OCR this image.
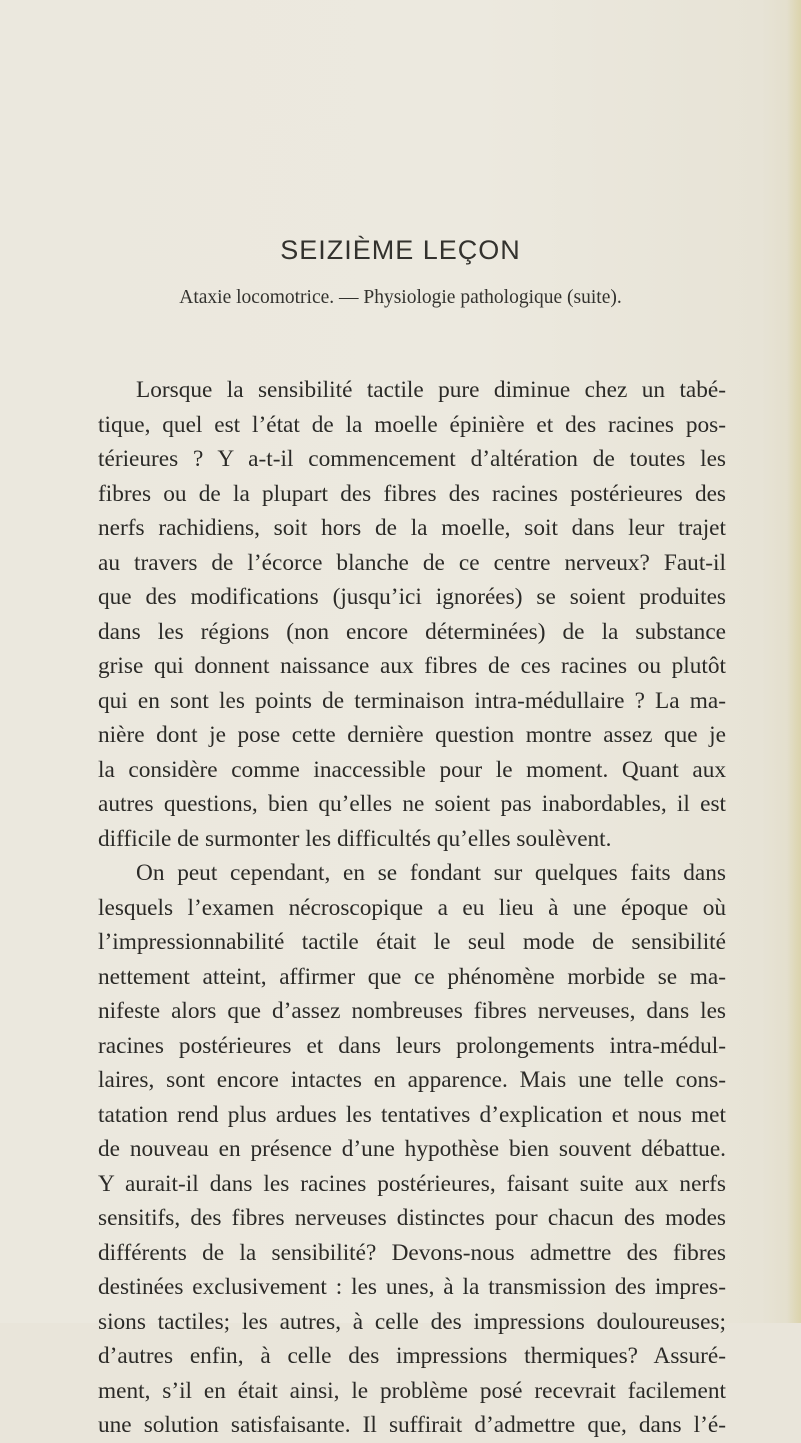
SEIZIÈME LEÇON

Ataxie locomotrice. — Physiologie pathologique (suite).

Lorsque la sensibilité tactile pure diminue chez un tabé-
tique, quel est l’état de la moelle épinière et des racines pos-
térieures ? Y a-t-il commencement d’altération de toutes les
fibres ou de la plupart des fibres des racines postérieures des
nerfs rachidiens, soit hors de la moelle, soit dans leur trajet
au travers de l’écorce blanche de ce centre nerveux? Faut-il
que des modifications (jusqu’ici ignorées) se soient produites
dans les régions (non encore déterminées) de la substance
grise qui donnent naissance aux fibres de ces racines ou plutôt
qui en sont les points de terminaison intra-médullaire ? La ma-
nière dont je pose cette dernière question montre assez que je
la considère comme inaccessible pour le moment. Quant aux
autres questions, bien qu’elles ne soient pas inabordables, il est
difficile de surmonter les difficultés qu’elles soulèvent.
On peut cependant, en se fondant sur quelques faits dans
lesquels l’examen nécroscopique a eu lieu à une époque où
l’impressionnabilité tactile était le seul mode de sensibilité
nettement atteint, affirmer que ce phénomène morbide se ma-
nifeste alors que d’assez nombreuses fibres nerveuses, dans les
racines postérieures et dans leurs prolongements intra-médul-
laires, sont encore intactes en apparence. Mais une telle cons-
tatation rend plus ardues les tentatives d’explication et nous met
de nouveau en présence d’une hypothèse bien souvent débattue.
Y aurait-il dans les racines postérieures, faisant suite aux nerfs
sensitifs, des fibres nerveuses distinctes pour chacun des modes
différents de la sensibilité? Devons-nous admettre des fibres
destinées exclusivement : les unes, à la transmission des impres-
sions tactiles; les autres, à celle des impressions douloureuses;
d’autres enfin, à celle des impressions thermiques? Assuré-
ment, s’il en était ainsi, le problème posé recevrait facilement
une solution satisfaisante. Il suffirait d’admettre que, dans l’é-
